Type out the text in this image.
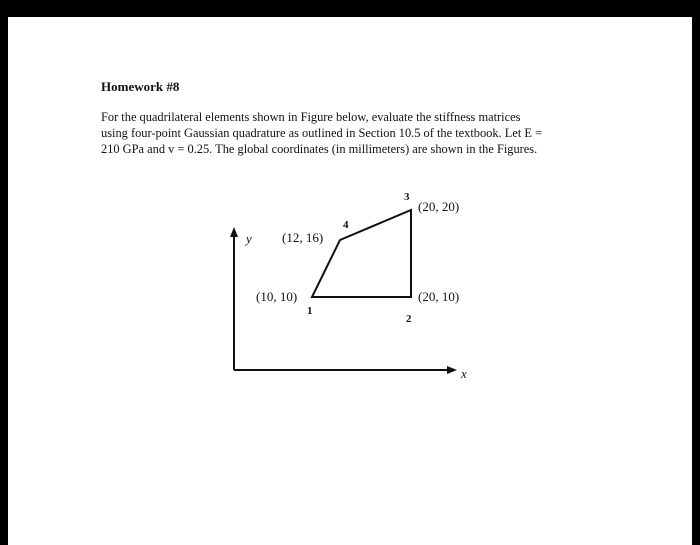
Homework #8
For the quadrilateral elements shown in Figure below, evaluate the stiffness matrices
using four-point Gaussian quadrature as outlined in Section 10.5 of the textbook. Let E =
210 GPa and v = 0.25. The global coordinates (in millimeters) are shown in the Figures.
y
x
1
2
3
4
(10, 10)	(20, 10)
(20, 20)
(12, 16)
